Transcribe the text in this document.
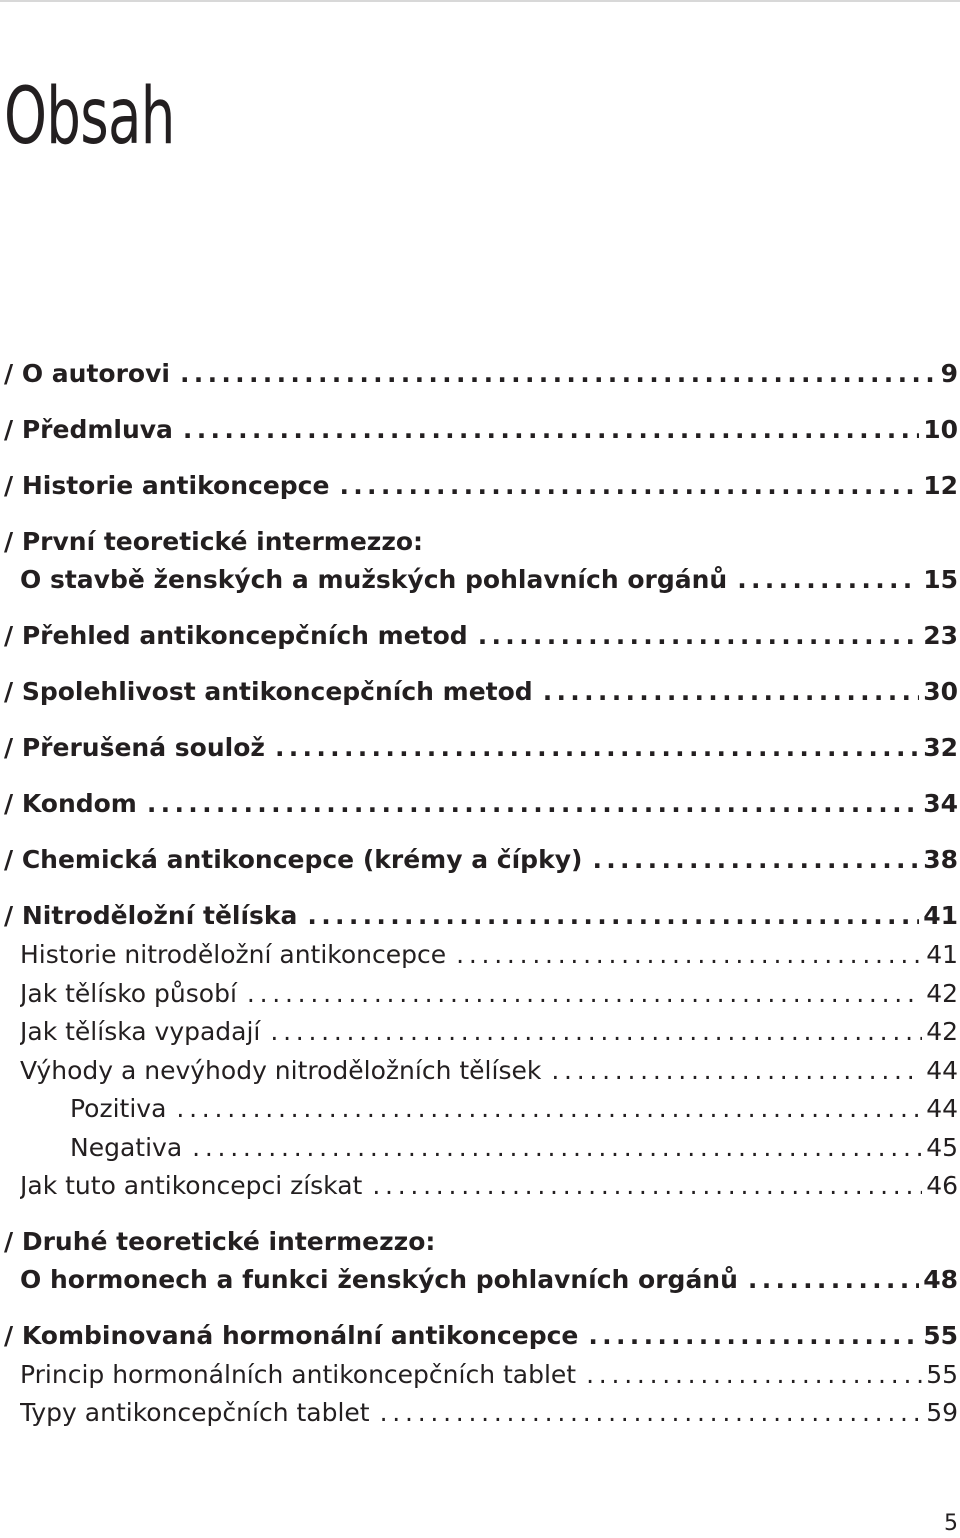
Obsah
/ O autorovi . . .	9
/ Předmluva . . .	10
/ Historie antikoncepce . . .	12
/ První teoretické intermezzo:
O stavbě ženských a mužských pohlavních orgánů . . .	15
/ Přehled antikoncepčních metod . . .	23
/ Spolehlivost antikoncepčních metod . . .	30
/ Přerušená soulož . . .	32
/ Kondom . . .	34
/ Chemická antikoncepce (krémy a čípky) . . .	38
/ Nitroděložní tělíska . . .	41
Historie nitroděložní antikoncepce . . .	41
Jak tělísko působí . . .	42
Jak tělíska vypadají . . .	42
Výhody a nevýhody nitroděložních tělísek . . .	44
Pozitiva . . .	44
Negativa . . .	45
Jak tuto antikoncepci získat . . .	46
/ Druhé teoretické intermezzo:
O hormonech a funkci ženských pohlavních orgánů . . .	48
/ Kombinovaná hormonální antikoncepce . . .	55
Princip hormonálních antikoncepčních tablet . . .	55
Typy antikoncepčních tablet . . .	59
5
